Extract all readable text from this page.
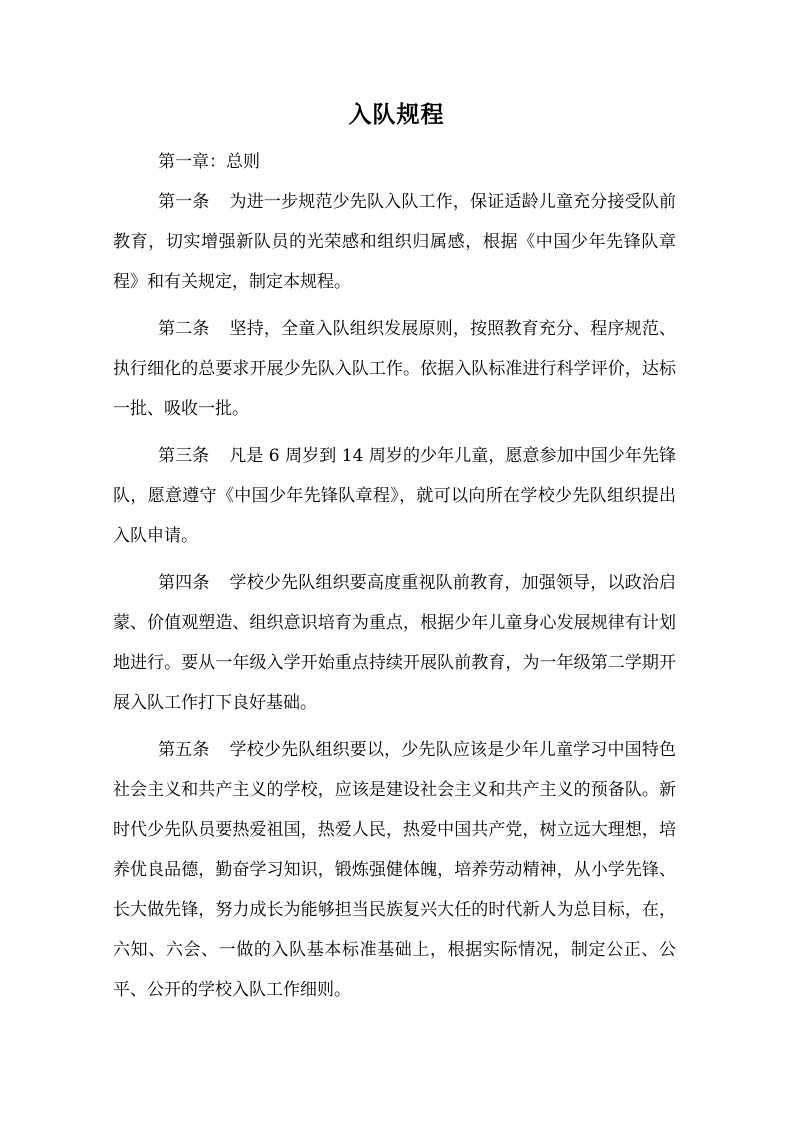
入队规程

第一章：总则

第一条 为进一步规范少先队入队工作，保证适龄儿童充分接受队前教育，切实增强新队员的光荣感和组织归属感，根据《中国少年先锋队章程》和有关规定，制定本规程。

第二条 坚持，全童入队组织发展原则，按照教育充分、程序规范、执行细化的总要求开展少先队入队工作。依据入队标准进行科学评价，达标一批、吸收一批。

第三条 凡是 6 周岁到 14 周岁的少年儿童，愿意参加中国少年先锋队，愿意遵守《中国少年先锋队章程》，就可以向所在学校少先队组织提出入队申请。

第四条 学校少先队组织要高度重视队前教育，加强领导，以政治启蒙、价值观塑造、组织意识培育为重点，根据少年儿童身心发展规律有计划地进行。要从一年级入学开始重点持续开展队前教育，为一年级第二学期开展入队工作打下良好基础。

第五条 学校少先队组织要以，少先队应该是少年儿童学习中国特色社会主义和共产主义的学校，应该是建设社会主义和共产主义的预备队。新时代少先队员要热爱祖国，热爱人民，热爱中国共产党，树立远大理想，培养优良品德，勤奋学习知识，锻炼强健体魄，培养劳动精神，从小学先锋、长大做先锋，努力成长为能够担当民族复兴大任的时代新人为总目标，在，六知、六会、一做的入队基本标准基础上，根据实际情况，制定公正、公平、公开的学校入队工作细则。
